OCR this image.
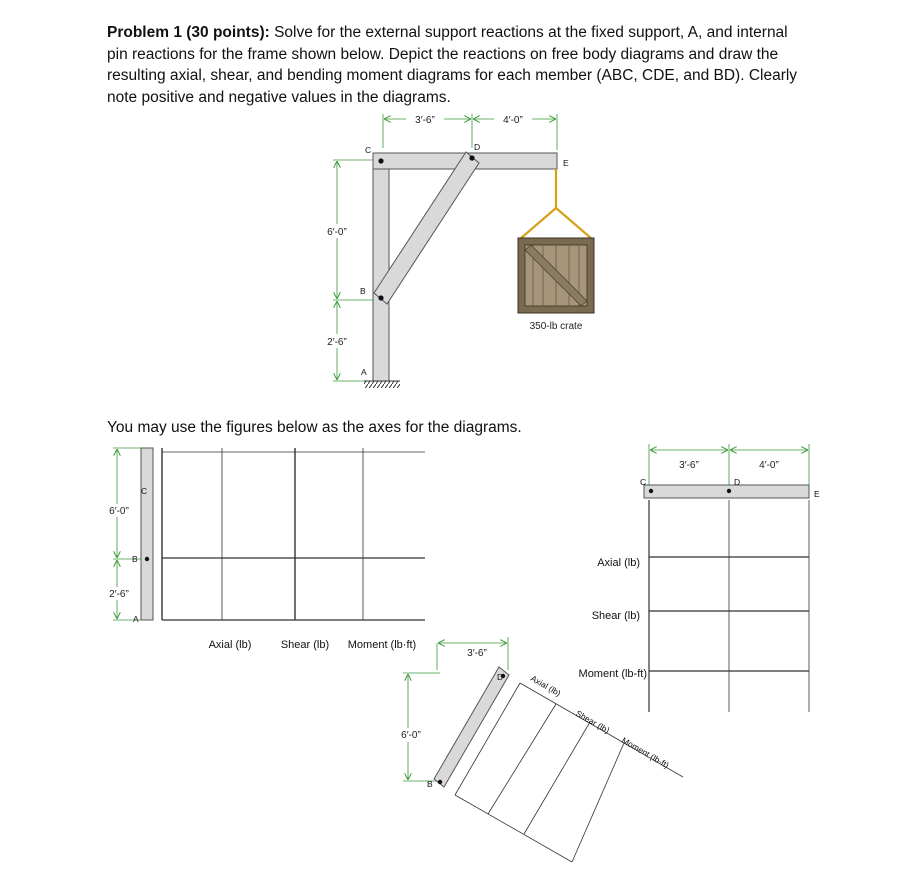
Problem 1 (30 points): Solve for the external support reactions at the fixed support, A, and internal pin reactions for the frame shown below. Depict the reactions on free body diagrams and draw the resulting axial, shear, and bending moment diagrams for each member (ABC, CDE, and BD). Clearly note positive and negative values in the diagrams.

You may use the figures below as the axes for the diagrams.

3′-6”	4′-0”
6′-0”
2′-6”
C	D
E
B
A
350-lb crate
6′-0”
2′-6”
C
B
A
Axial (lb)	Shear (lb) Moment (lb·ft)
3′-6”	4′-0”
C	D
E
Axial (lb)
Shear (lb)
Moment (lb-ft)
3′-6”
6′-0”
D
B
Axial (lb)
Shear (lb)
Moment (lb-ft)
